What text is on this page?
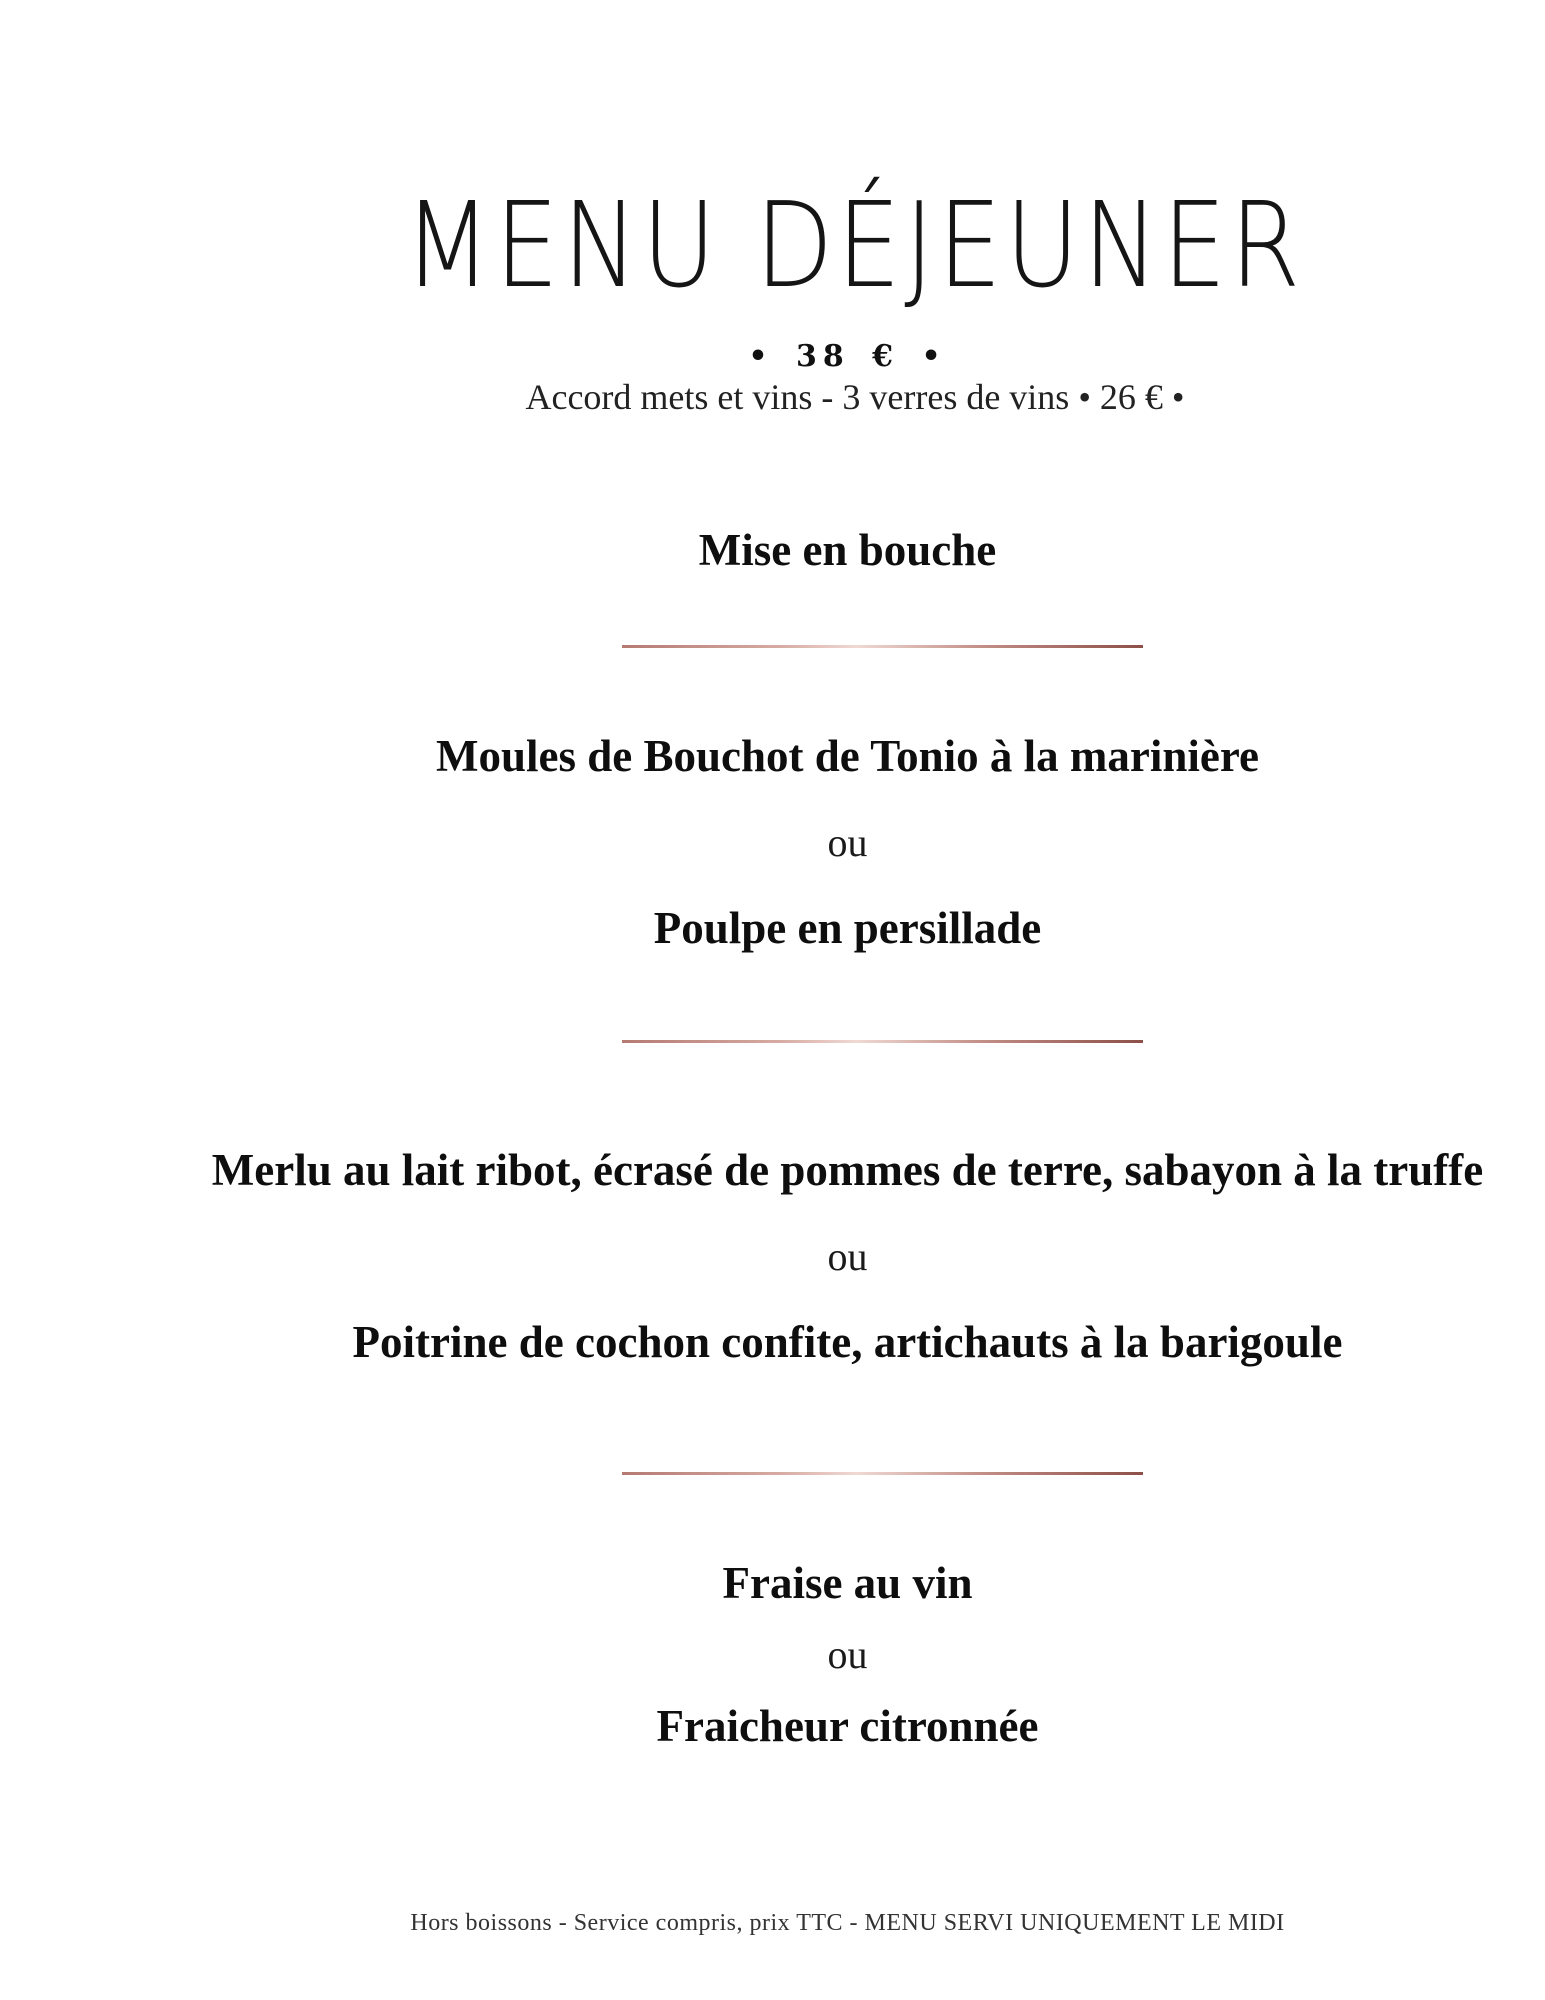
MENU DÉJEUNER
• 38 € •
Accord mets et vins - 3 verres de vins • 26 € •
Mise en bouche
Moules de Bouchot de Tonio à la marinière
ou
Poulpe en persillade
Merlu au lait ribot, écrasé de pommes de terre, sabayon à la truffe
ou
Poitrine de cochon confite, artichauts à la barigoule
Fraise au vin
ou
Fraicheur citronnée
Hors boissons - Service compris, prix TTC - MENU SERVI UNIQUEMENT LE MIDI
